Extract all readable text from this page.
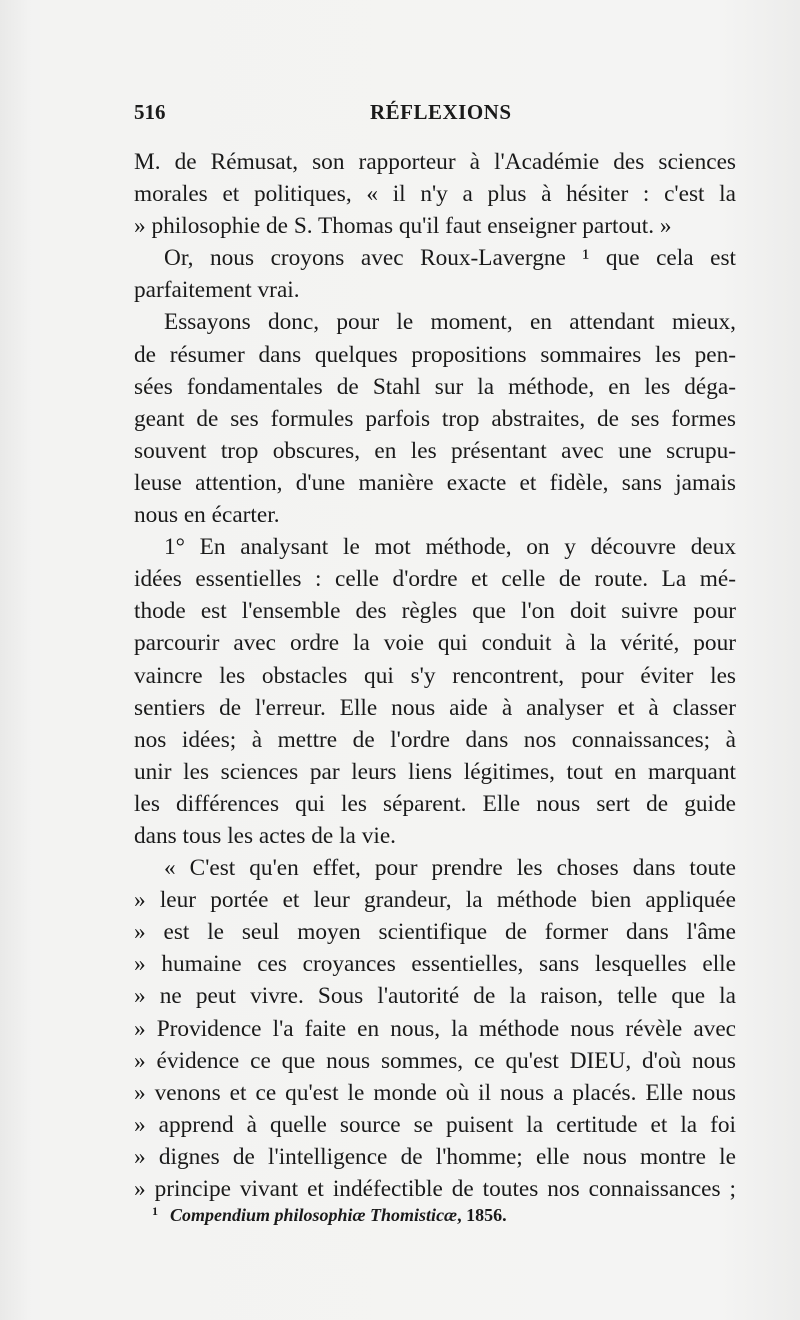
516	RÉFLEXIONS
M. de Rémusat, son rapporteur à l'Académie des sciences
morales et politiques, « il n'y a plus à hésiter : c'est la
» philosophie de S. Thomas qu'il faut enseigner partout. »
Or, nous croyons avec Roux-Lavergne ¹ que cela est
parfaitement vrai.
Essayons donc, pour le moment, en attendant mieux,
de résumer dans quelques propositions sommaires les pen-
sées fondamentales de Stahl sur la méthode, en les déga-
geant de ses formules parfois trop abstraites, de ses formes
souvent trop obscures, en les présentant avec une scrupu-
leuse attention, d'une manière exacte et fidèle, sans jamais
nous en écarter.
1° En analysant le mot méthode, on y découvre deux
idées essentielles : celle d'ordre et celle de route. La mé-
thode est l'ensemble des règles que l'on doit suivre pour
parcourir avec ordre la voie qui conduit à la vérité, pour
vaincre les obstacles qui s'y rencontrent, pour éviter les
sentiers de l'erreur. Elle nous aide à analyser et à classer
nos idées; à mettre de l'ordre dans nos connaissances; à
unir les sciences par leurs liens légitimes, tout en marquant
les différences qui les séparent. Elle nous sert de guide
dans tous les actes de la vie.
« C'est qu'en effet, pour prendre les choses dans toute
» leur portée et leur grandeur, la méthode bien appliquée
» est le seul moyen scientifique de former dans l'âme
» humaine ces croyances essentielles, sans lesquelles elle
» ne peut vivre. Sous l'autorité de la raison, telle que la
» Providence l'a faite en nous, la méthode nous révèle avec
» évidence ce que nous sommes, ce qu'est DIEU, d'où nous
» venons et ce qu'est le monde où il nous a placés. Elle nous
» apprend à quelle source se puisent la certitude et la foi
» dignes de l'intelligence de l'homme; elle nous montre le
» principe vivant et indéfectible de toutes nos connaissances ;
$^1$ Compendium philosophiæ Thomisticæ, 1856.
